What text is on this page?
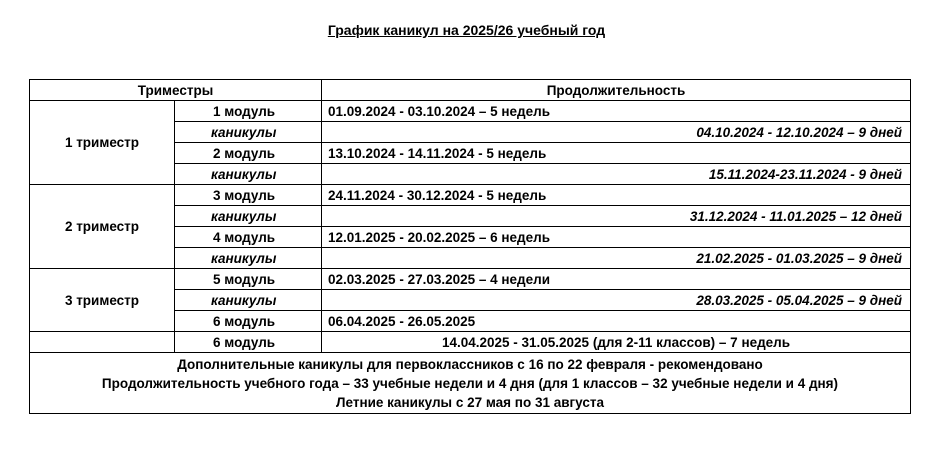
График каникул на 2025/26 учебный год
Триместры		Продолжительность
1 триместр	1 модуль	01.09.2024 - 03.10.2024 – 5 недель
	каникулы	04.10.2024 - 12.10.2024 – 9 дней
	2 модуль	13.10.2024 - 14.11.2024 - 5 недель
	каникулы	15.11.2024-23.11.2024 - 9 дней
2 триместр	3 модуль	24.11.2024 - 30.12.2024 - 5 недель
	каникулы	31.12.2024 - 11.01.2025 – 12 дней
	4 модуль	12.01.2025 - 20.02.2025 – 6 недель
	каникулы	21.02.2025 - 01.03.2025 – 9 дней
3 триместр	5 модуль	02.03.2025 - 27.03.2025 – 4 недели
	каникулы	28.03.2025 - 05.04.2025 – 9 дней
	6 модуль	06.04.2025 - 26.05.2025
	6 модуль	14.04.2025 - 31.05.2025 (для 2-11 классов) – 7 недель

Дополнительные каникулы для первоклассников с 16 по 22 февраля - рекомендовано
Продолжительность учебного года – 33 учебные недели и 4 дня (для 1 классов – 32 учебные недели и 4 дня)
Летние каникулы с 27 мая по 31 августа		
